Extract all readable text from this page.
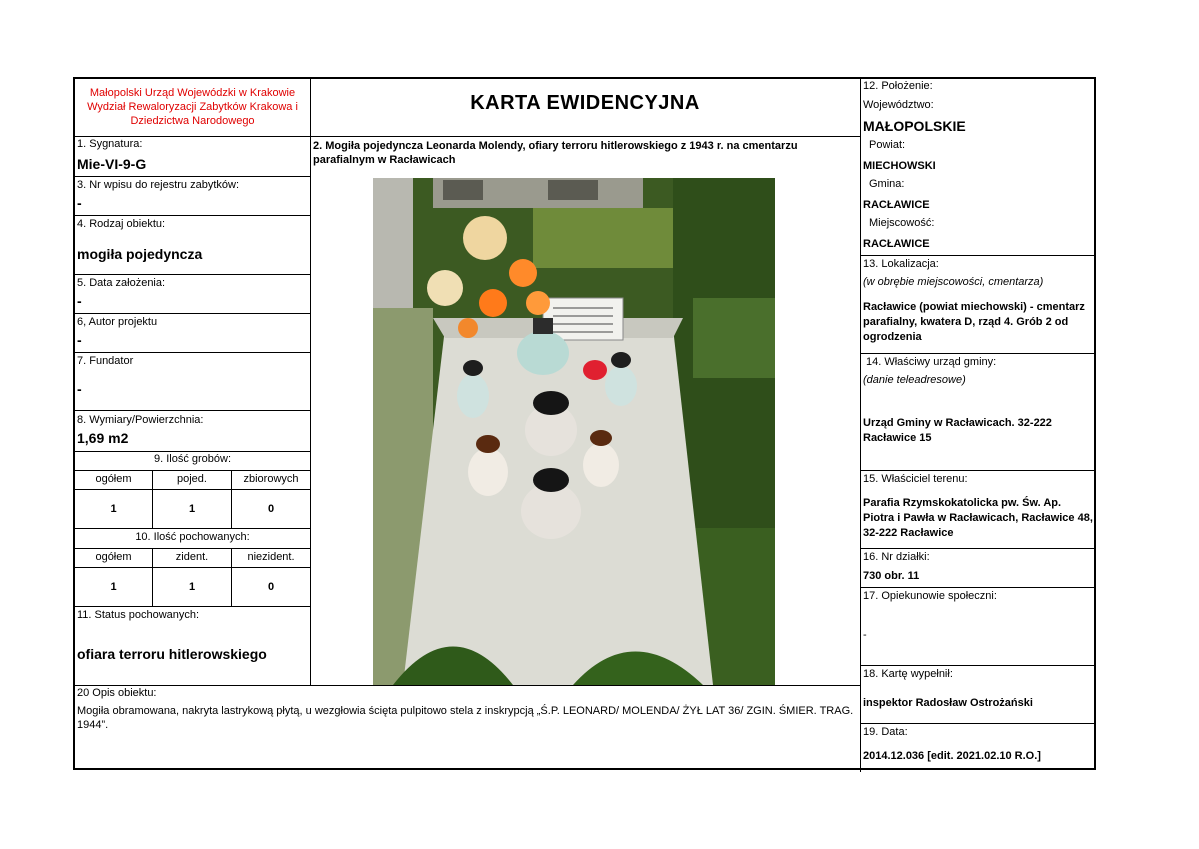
Małopolski Urząd Wojewódzki w Krakowie Wydział Rewaloryzacji Zabytków Krakowa i Dziedzictwa Narodowego
KARTA EWIDENCYJNA
1. Sygnatura:
Mie-VI-9-G
3. Nr wpisu do rejestru zabytków:
-
4. Rodzaj obiektu:
mogiła pojedyncza
5. Data założenia:
-
6, Autor projektu
-
7. Fundator
-
8. Wymiary/Powierzchnia:
1,69 m2
9. Ilość grobów:
ogółem	pojed.	zbiorowych
1	1	0
10. Ilość pochowanych:
ogółem	zident.	niezident.
1	1	0
11. Status pochowanych:
ofiara terroru hitlerowskiego
2. Mogiła pojedyncza Leonarda Molendy, ofiary terroru hitlerowskiego z 1943 r. na cmentarzu parafialnym w Racławicach
20 Opis obiektu:
Mogiła obramowana, nakryta lastrykową płytą, u wezgłowia ścięta pulpitowo stela z inskrypcją „Ś.P. LEONARD/ MOLENDA/ ŻYŁ LAT 36/ ZGIN. ŚMIER. TRAG. 1944”.
12. Położenie:
Województwo:
MAŁOPOLSKIE
Powiat:
MIECHOWSKI
Gmina:
RACŁAWICE
Miejscowość:
RACŁAWICE
13. Lokalizacja:
(w obrębie miejscowości, cmentarza)
Racławice (powiat miechowski) - cmentarz parafialny, kwatera D, rząd 4. Grób 2 od ogrodzenia
14. Właściwy urząd gminy:
(danie teleadresowe)
Urząd Gminy w Racławicach. 32-222 Racławice 15
15. Właściciel terenu:
Parafia Rzymskokatolicka pw. Św. Ap. Piotra i Pawła w Racławicach, Racławice 48, 32-222 Racławice
16. Nr działki:
730 obr. 11
17. Opiekunowie społeczni:
-
18. Kartę wypełnił:
inspektor Radosław Ostrożański
19. Data:
2014.12.036 [edit. 2021.02.10 R.O.]
